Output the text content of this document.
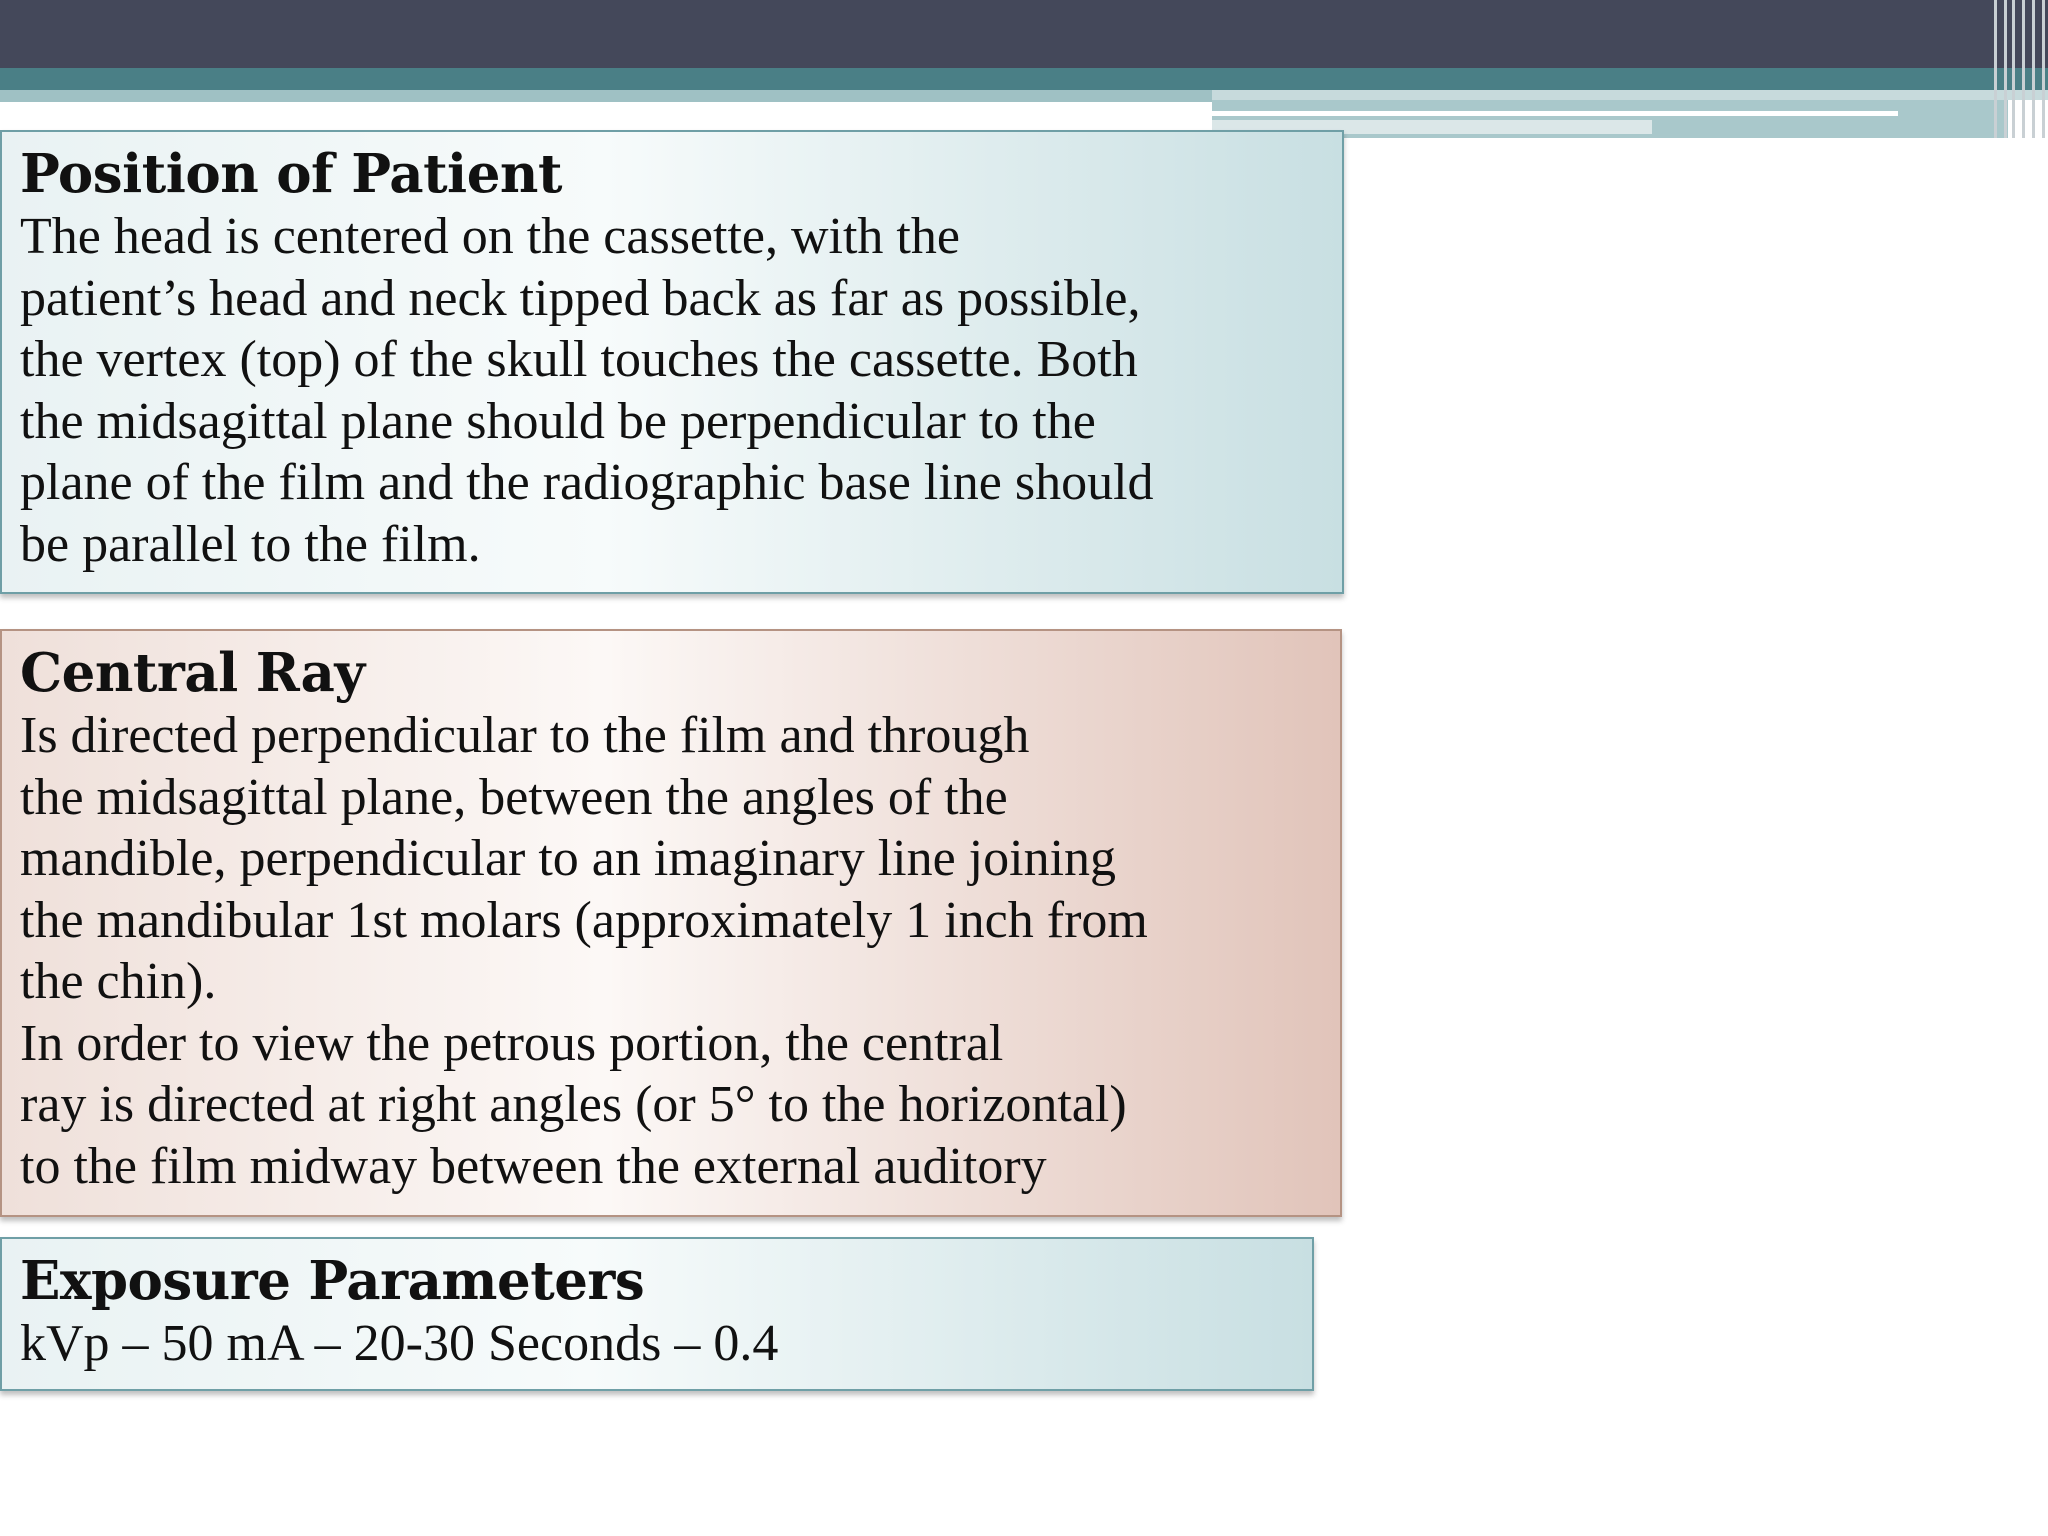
Position of Patient

The head is centered on the cassette, with the
patient’s head and neck tipped back as far as possible,
the vertex (top) of the skull touches the cassette. Both
the midsagittal plane should be perpendicular to the
plane of the film and the radiographic base line should
be parallel to the film.

Central Ray

Is directed perpendicular to the film and through
the midsagittal plane, between the angles of the
mandible, perpendicular to an imaginary line joining
the mandibular 1st molars (approximately 1 inch from
the chin).
In order to view the petrous portion, the central
ray is directed at right angles (or 5° to the horizontal)
to the film midway between the external auditory

Exposure Parameters

kVp – 50 mA – 20-30 Seconds – 0.4
